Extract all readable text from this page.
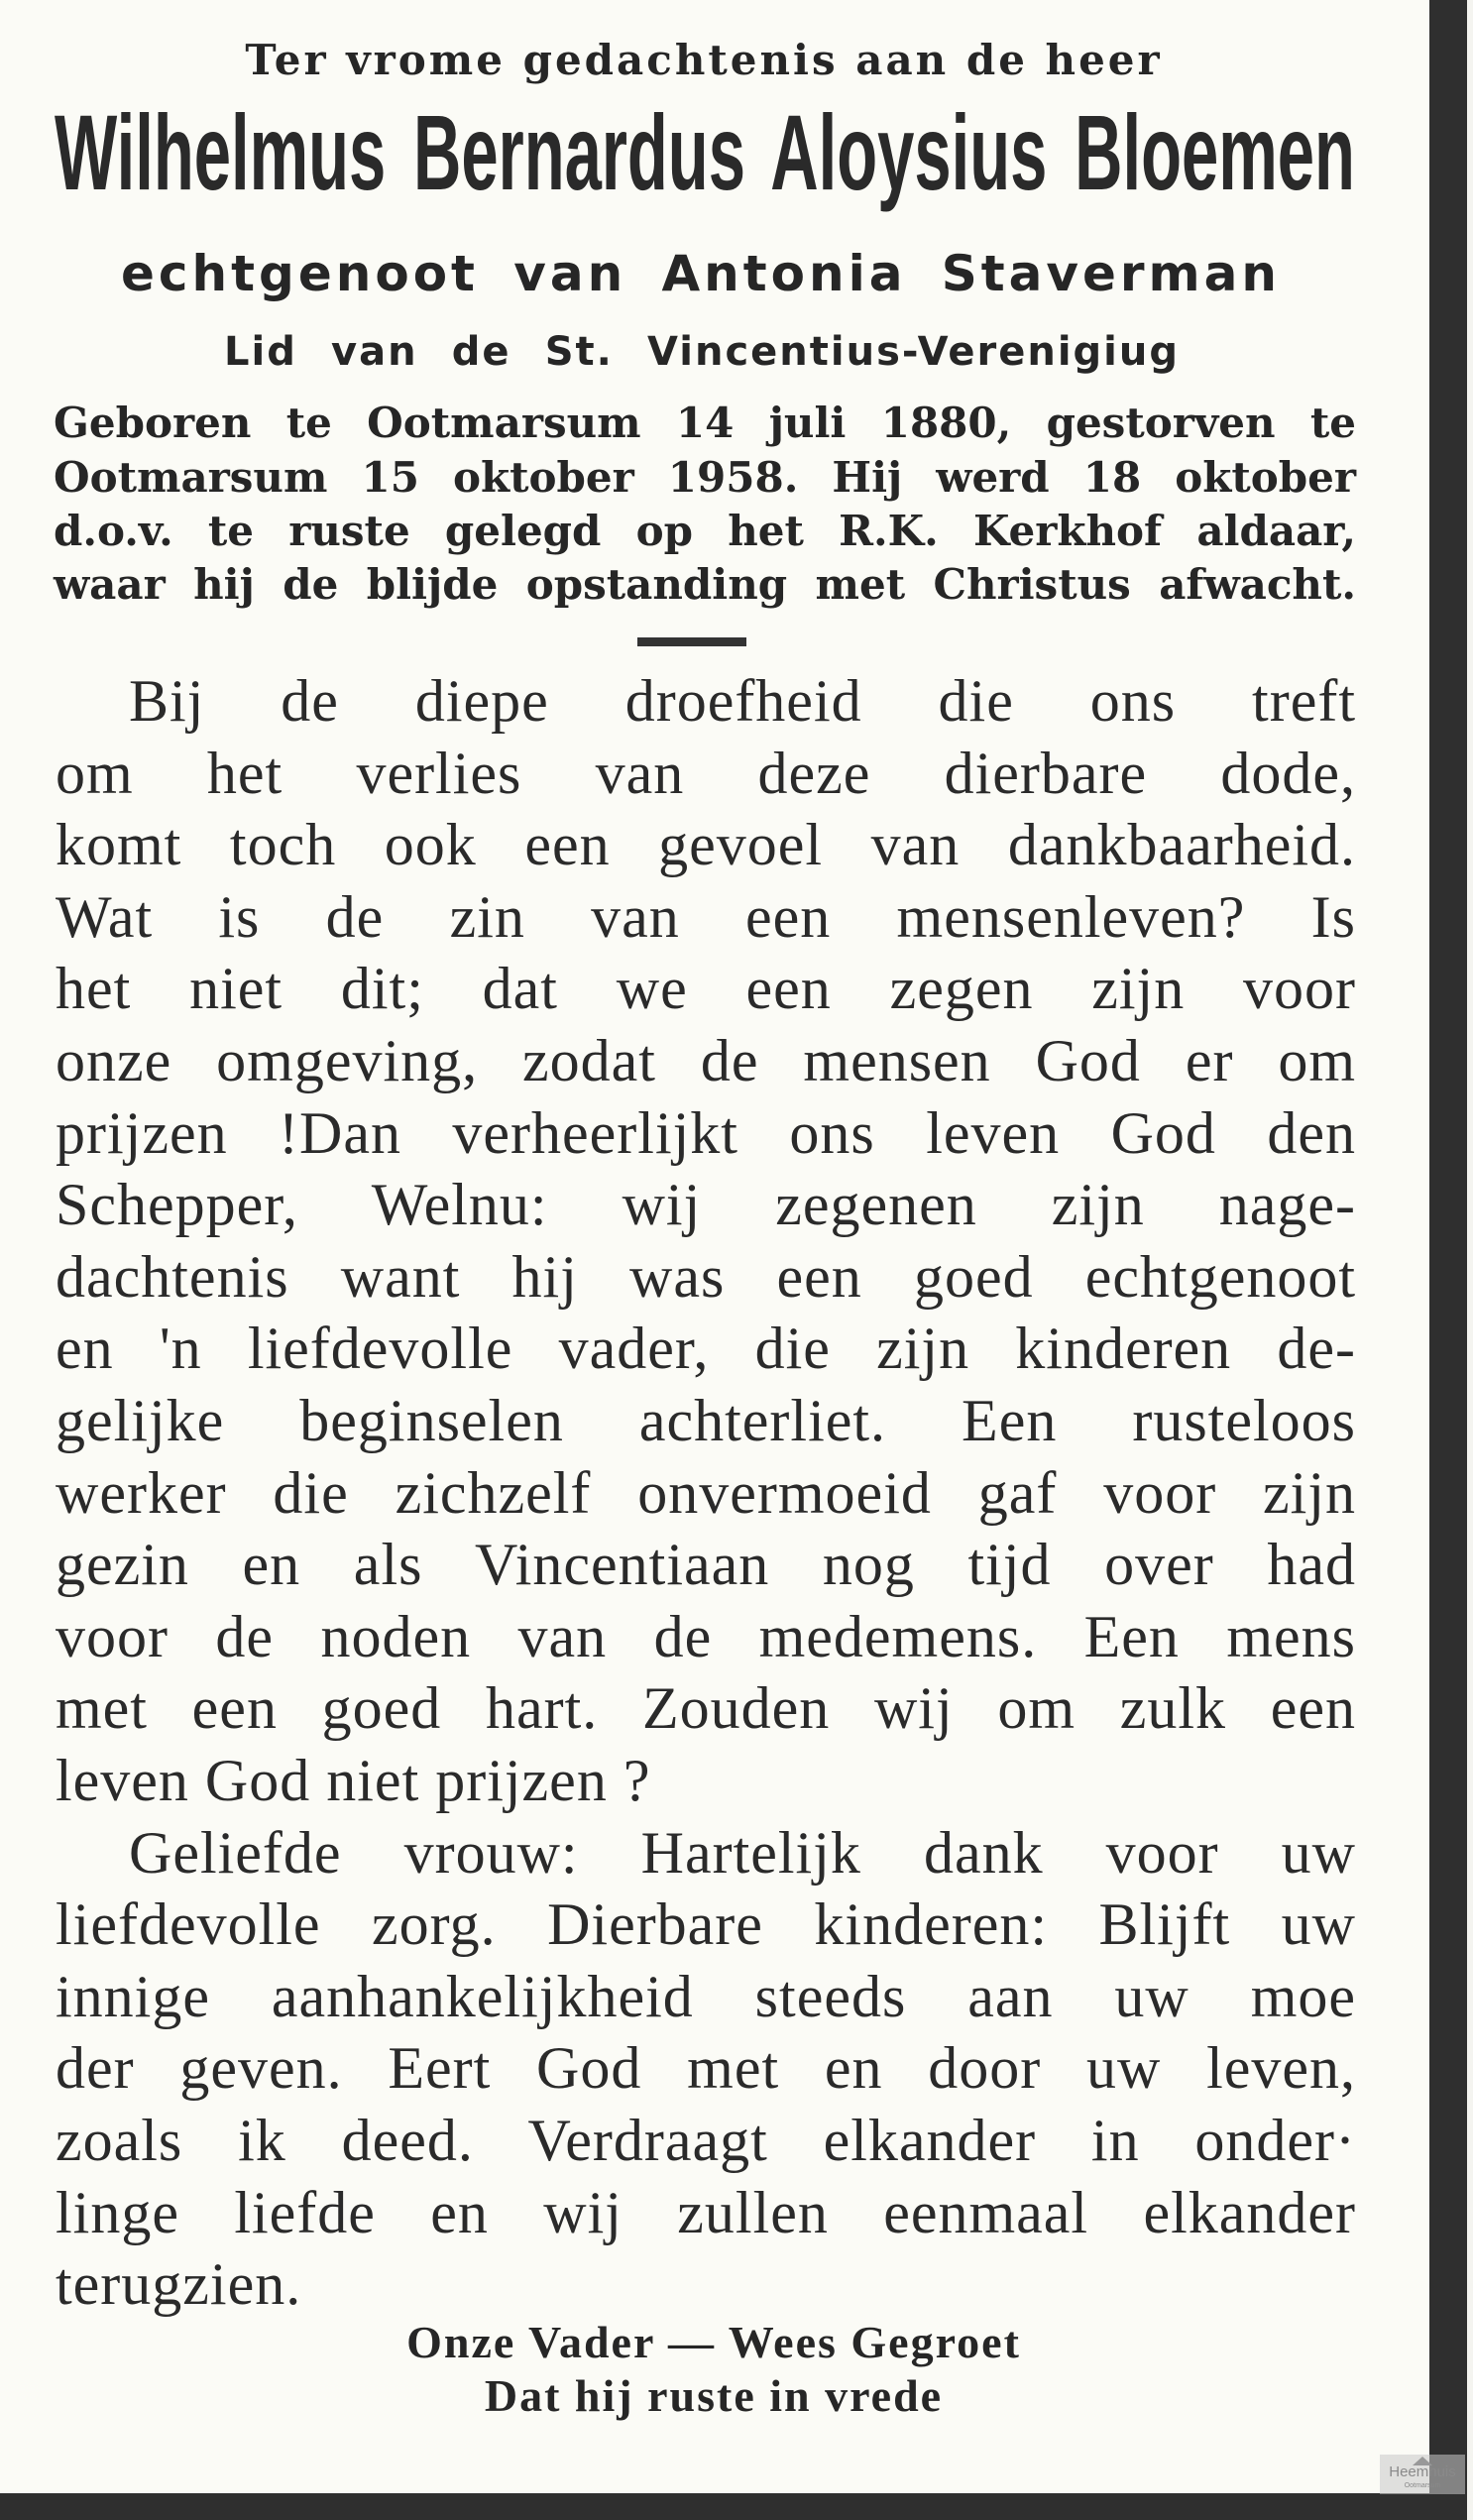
Ter vrome gedachtenis aan de heer
Wilhelmus Bernardus Aloysius Bloemen
echtgenoot van Antonia Staverman
Lid van de St. Vincentius-Verenigiug
Geboren te Ootmarsum 14 juli 1880, gestorven te
Ootmarsum 15 oktober 1958. Hij werd 18 oktober
d.o.v. te ruste gelegd op het R.K. Kerkhof aldaar,
waar hij de blijde opstanding met Christus afwacht.
Bij de diepe droefheid die ons treft
om het verlies van deze dierbare dode,
komt toch ook een gevoel van dankbaarheid.
Wat is de zin van een mensenleven? Is
het niet dit; dat we een zegen zijn voor
onze omgeving, zodat de mensen God er om
prijzen !Dan verheerlijkt ons leven God den
Schepper, Welnu: wij zegenen zijn nage-
dachtenis want hij was een goed echtgenoot
en 'n liefdevolle vader, die zijn kinderen de-
gelijke beginselen achterliet. Een rusteloos
werker die zichzelf onvermoeid gaf voor zijn
gezin en als Vincentiaan nog tijd over had
voor de noden van de medemens. Een mens
met een goed hart. Zouden wij om zulk een
leven God niet prijzen ?
Geliefde vrouw: Hartelijk dank voor uw
liefdevolle zorg. Dierbare kinderen: Blijft uw
innige aanhankelijkheid steeds aan uw moe
der geven. Eert God met en door uw leven,
zoals ik deed. Verdraagt elkander in onder·
linge liefde en wij zullen eenmaal elkander
terugzien.
Onze Vader — Wees Gegroet
Dat hij ruste in vrede
Heemhuis
Ootmarsum
